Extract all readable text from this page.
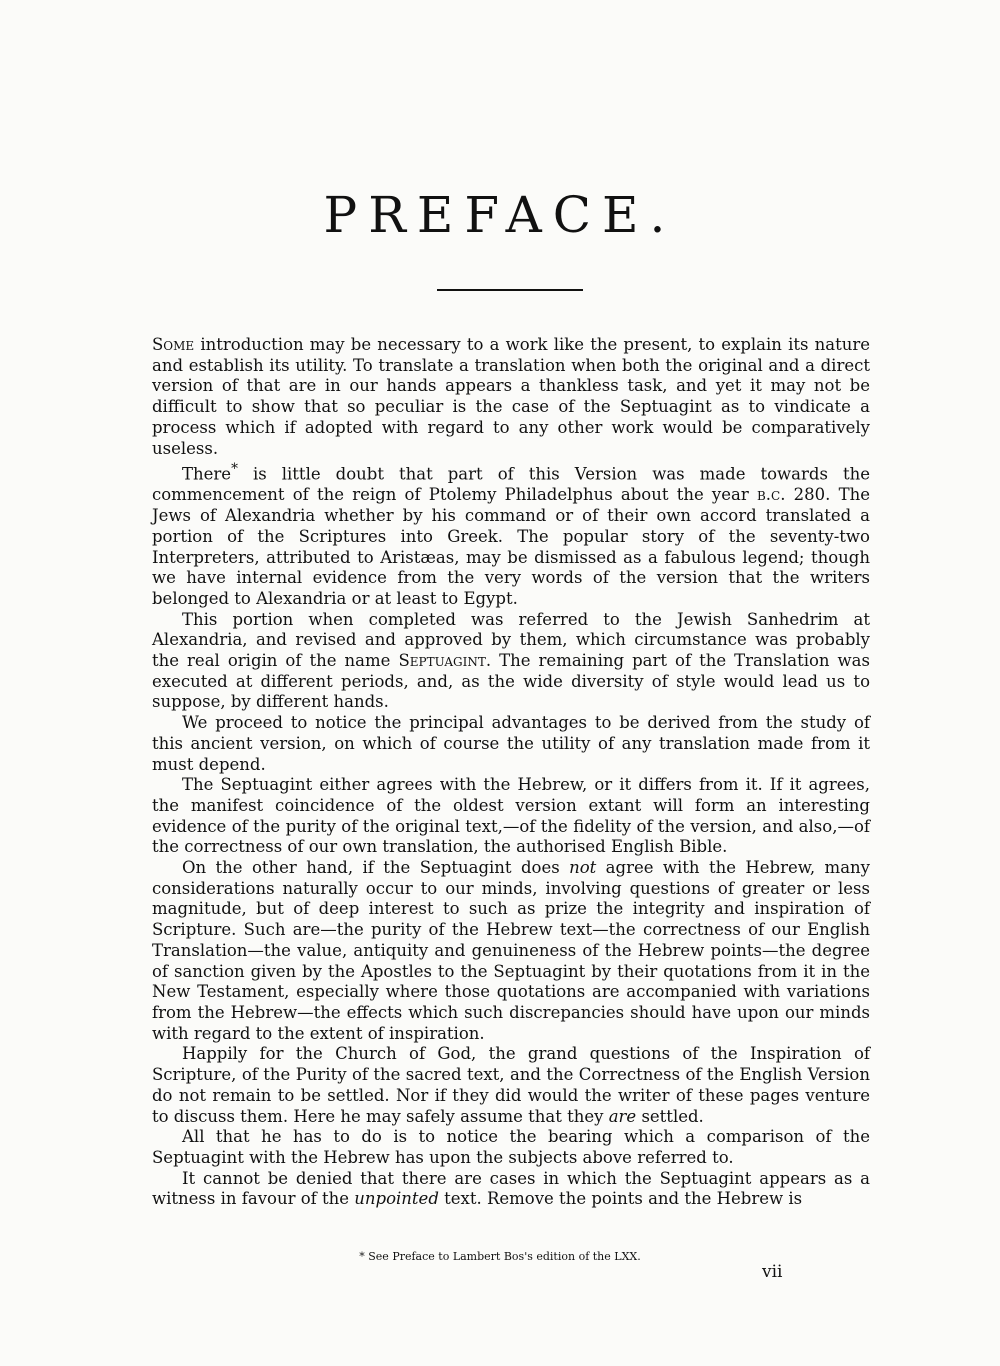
PREFACE.

Some introduction may be necessary to a work like the present, to explain its nature and establish its utility. To translate a translation when both the original and a direct version of that are in our hands appears a thankless task, and yet it may not be difficult to show that so peculiar is the case of the Septuagint as to vindicate a process which if adopted with regard to any other work would be comparatively useless.

There* is little doubt that part of this Version was made towards the commencement of the reign of Ptolemy Philadelphus about the year b.c. 280. The Jews of Alexandria whether by his command or of their own accord translated a portion of the Scriptures into Greek. The popular story of the seventy-two Interpreters, attributed to Aristæas, may be dismissed as a fabulous legend; though we have internal evidence from the very words of the version that the writers belonged to Alexandria or at least to Egypt.

This portion when completed was referred to the Jewish Sanhedrim at Alexandria, and revised and approved by them, which circumstance was probably the real origin of the name Septuagint. The remaining part of the Translation was executed at different periods, and, as the wide diversity of style would lead us to suppose, by different hands.

We proceed to notice the principal advantages to be derived from the study of this ancient version, on which of course the utility of any translation made from it must depend.

The Septuagint either agrees with the Hebrew, or it differs from it. If it agrees, the manifest coincidence of the oldest version extant will form an interesting evidence of the purity of the original text,—of the fidelity of the version, and also,—of the correctness of our own translation, the authorised English Bible.

On the other hand, if the Septuagint does not agree with the Hebrew, many considerations naturally occur to our minds, involving questions of greater or less magnitude, but of deep interest to such as prize the integrity and inspiration of Scripture. Such are—the purity of the Hebrew text—the correctness of our English Translation—the value, antiquity and genuineness of the Hebrew points—the degree of sanction given by the Apostles to the Septuagint by their quotations from it in the New Testament, especially where those quotations are accompanied with variations from the Hebrew—the effects which such discrepancies should have upon our minds with regard to the extent of inspiration.

Happily for the Church of God, the grand questions of the Inspiration of Scripture, of the Purity of the sacred text, and the Correctness of the English Version do not remain to be settled. Nor if they did would the writer of these pages venture to discuss them. Here he may safely assume that they are settled.

All that he has to do is to notice the bearing which a comparison of the Septuagint with the Hebrew has upon the subjects above referred to.

It cannot be denied that there are cases in which the Septuagint appears as a witness in favour of the unpointed text. Remove the points and the Hebrew is

* See Preface to Lambert Bos's edition of the LXX.
vii
